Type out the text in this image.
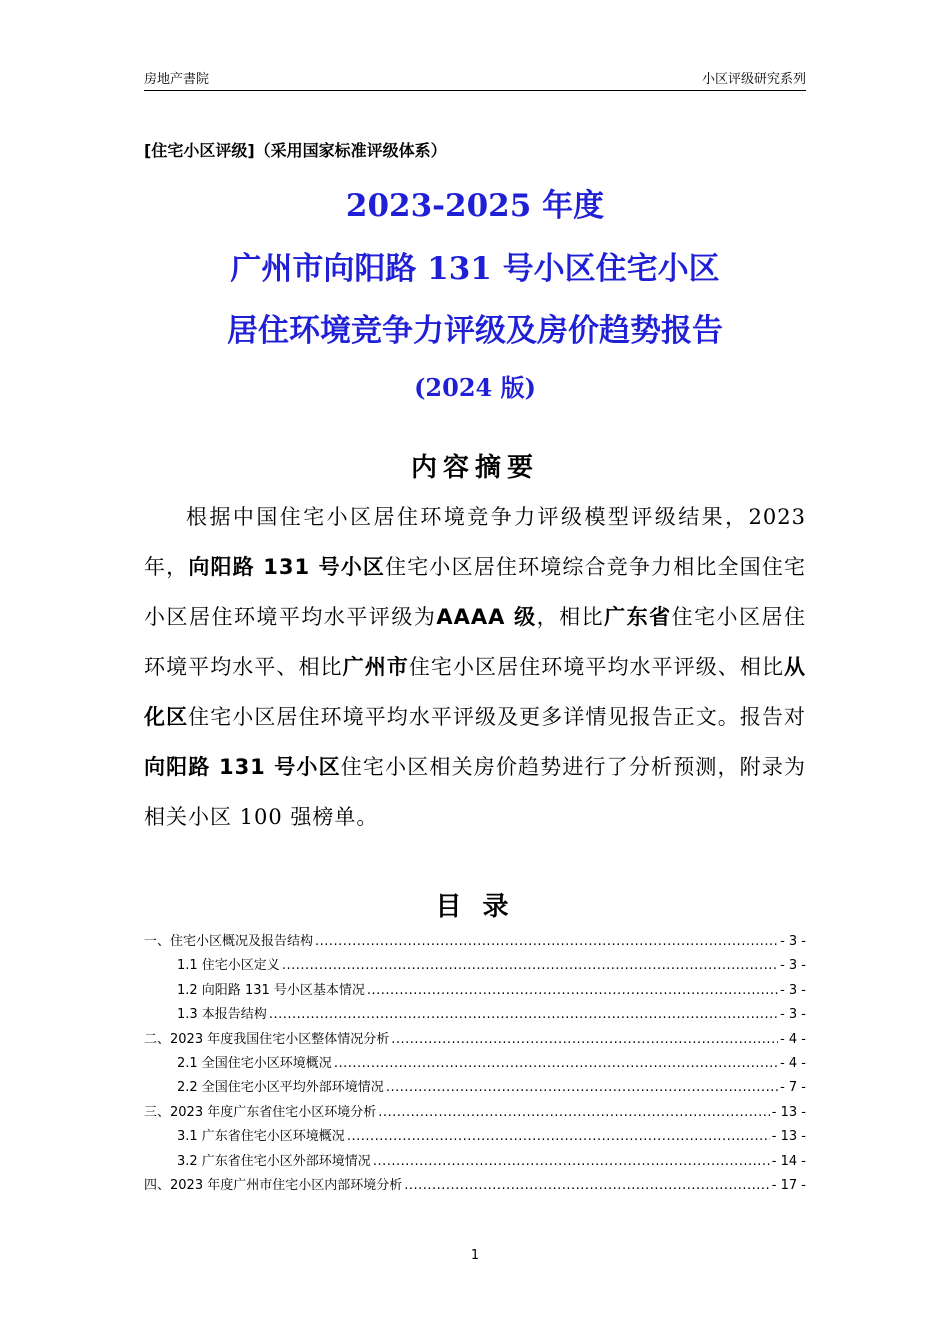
房地产書院	小区评级研究系列
[住宅小区评级]（采用国家标准评级体系）
2023-2025 年度
广州市向阳路 131 号小区住宅小区
居住环境竞争力评级及房价趋势报告
(2024 版)
内容摘要
根据中国住宅小区居住环境竞争力评级模型评级结果，2023 年，向阳路 131 号小区住宅小区居住环境综合竞争力相比全国住宅小区居住环境平均水平评级为AAAA 级，相比广东省住宅小区居住环境平均水平、相比广州市住宅小区居住环境平均水平评级、相比从化区住宅小区居住环境平均水平评级及更多详情见报告正文。报告对向阳路 131 号小区住宅小区相关房价趋势进行了分析预测，附录为相关小区 100 强榜单。
目 录
一、住宅小区概况及报告结构 .....	- 3 -
1.1 住宅小区定义 .....	- 3 -
1.2 向阳路 131 号小区基本情况 .....	- 3 -
1.3 本报告结构 .....	- 3 -
二、2023 年度我国住宅小区整体情况分析 .....	- 4 -
2.1 全国住宅小区环境概况 .....	- 4 -
2.2 全国住宅小区平均外部环境情况 .....	- 7 -
三、2023 年度广东省住宅小区环境分析 .....	- 13 -
3.1 广东省住宅小区环境概况 .....	- 13 -
3.2 广东省住宅小区外部环境情况 .....	- 14 -
四、2023 年度广州市住宅小区内部环境分析 .....	- 17 -
1
